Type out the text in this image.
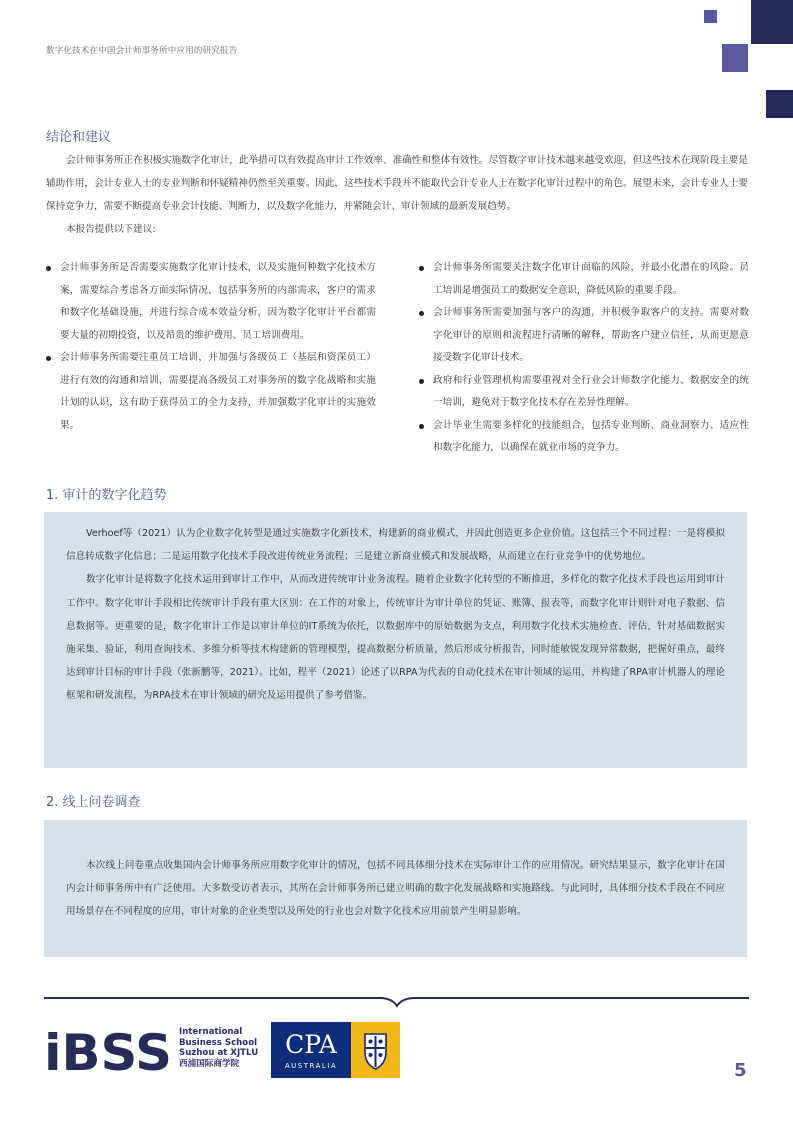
数字化技术在中国会计师事务所中应用的研究报告
结论和建议

会计师事务所正在积极实施数字化审计，此举措可以有效提高审计工作效率、准确性和整体有效性。尽管数字审计技术越来越受欢迎，但这些技术在现阶段主要是辅助作用，会计专业人士的专业判断和怀疑精神仍然至关重要。因此，这些技术手段并不能取代会计专业人士在数字化审计过程中的角色。展望未来，会计专业人士要保持竞争力，需要不断提高专业会计技能、判断力，以及数字化能力，并紧随会计、审计领域的最新发展趋势。

本报告提供以下建议:

会计师事务所是否需要实施数字化审计技术，以及实施何种数字化技术方案，需要综合考虑各方面实际情况，包括事务所的内部需求，客户的需求和数字化基础设施，并进行综合成本效益分析，因为数字化审计平台都需要大量的初期投资，以及昂贵的维护费用、员工培训费用。
会计师事务所需要注重员工培训，并加强与各级员工（基层和资深员工）进行有效的沟通和培训，需要提高各级员工对事务所的数字化战略和实施计划的认识，这有助于获得员工的全力支持，并加强数字化审计的实施效果。
会计师事务所需要关注数字化审计面临的风险，并最小化潜在的风险。员工培训是增强员工的数据安全意识，降低风险的重要手段。
会计师事务所需要加强与客户的沟通，并积极争取客户的支持。需要对数字化审计的原则和流程进行清晰的解释，帮助客户建立信任，从而更愿意接受数字化审计技术。
政府和行业管理机构需要重视对全行业会计师数字化能力、数据安全的统一培训，避免对于数字化技术存在差异性理解。
会计毕业生需要多样化的技能组合，包括专业判断、商业洞察力、适应性和数字化能力，以确保在就业市场的竞争力。
1. 审计的数字化趋势

Verhoef等（2021）认为企业数字化转型是通过实施数字化新技术，构建新的商业模式，并因此创造更多企业价值。这包括三个不同过程：一是将模拟信息转成数字化信息；二是运用数字化技术手段改进传统业务流程；三是建立新商业模式和发展战略，从而建立在行业竞争中的优势地位。

数字化审计是将数字化技术运用到审计工作中，从而改进传统审计业务流程。随着企业数字化转型的不断推进，多样化的数字化技术手段也运用到审计工作中。数字化审计手段相比传统审计手段有重大区别：在工作的对象上，传统审计为审计单位的凭证、账簿、报表等，而数字化审计则针对电子数据、信息数据等。更重要的是，数字化审计工作是以审计单位的IT系统为依托，以数据库中的原始数据为支点，利用数字化技术实施检查、评估，针对基础数据实施采集、验证，利用查询技术、多维分析等技术构建新的管理模型，提高数据分析质量，然后形成分析报告，同时能敏锐发现异常数据，把握好重点，最终达到审计目标的审计手段（张新鹏等，2021）。比如，程平（2021）论述了以RPA为代表的自动化技术在审计领域的运用，并构建了RPA审计机器人的理论框架和研发流程，为RPA技术在审计领域的研究及运用提供了参考借鉴。

2. 线上问卷调查

本次线上问卷重点收集国内会计师事务所应用数字化审计的情况，包括不同具体细分技术在实际审计工作的应用情况。研究结果显示，数字化审计在国内会计师事务所中有广泛使用。大多数受访者表示，其所在会计师事务所已建立明确的数字化发展战略和实施路线。与此同时，具体细分技术手段在不同应用场景存在不同程度的应用，审计对象的企业类型以及所处的行业也会对数字化技术应用前景产生明显影响。

iBSS International
Business School
Suzhou at XJTLU
西浦国际商学院
CPA
AUSTRALIA	5
